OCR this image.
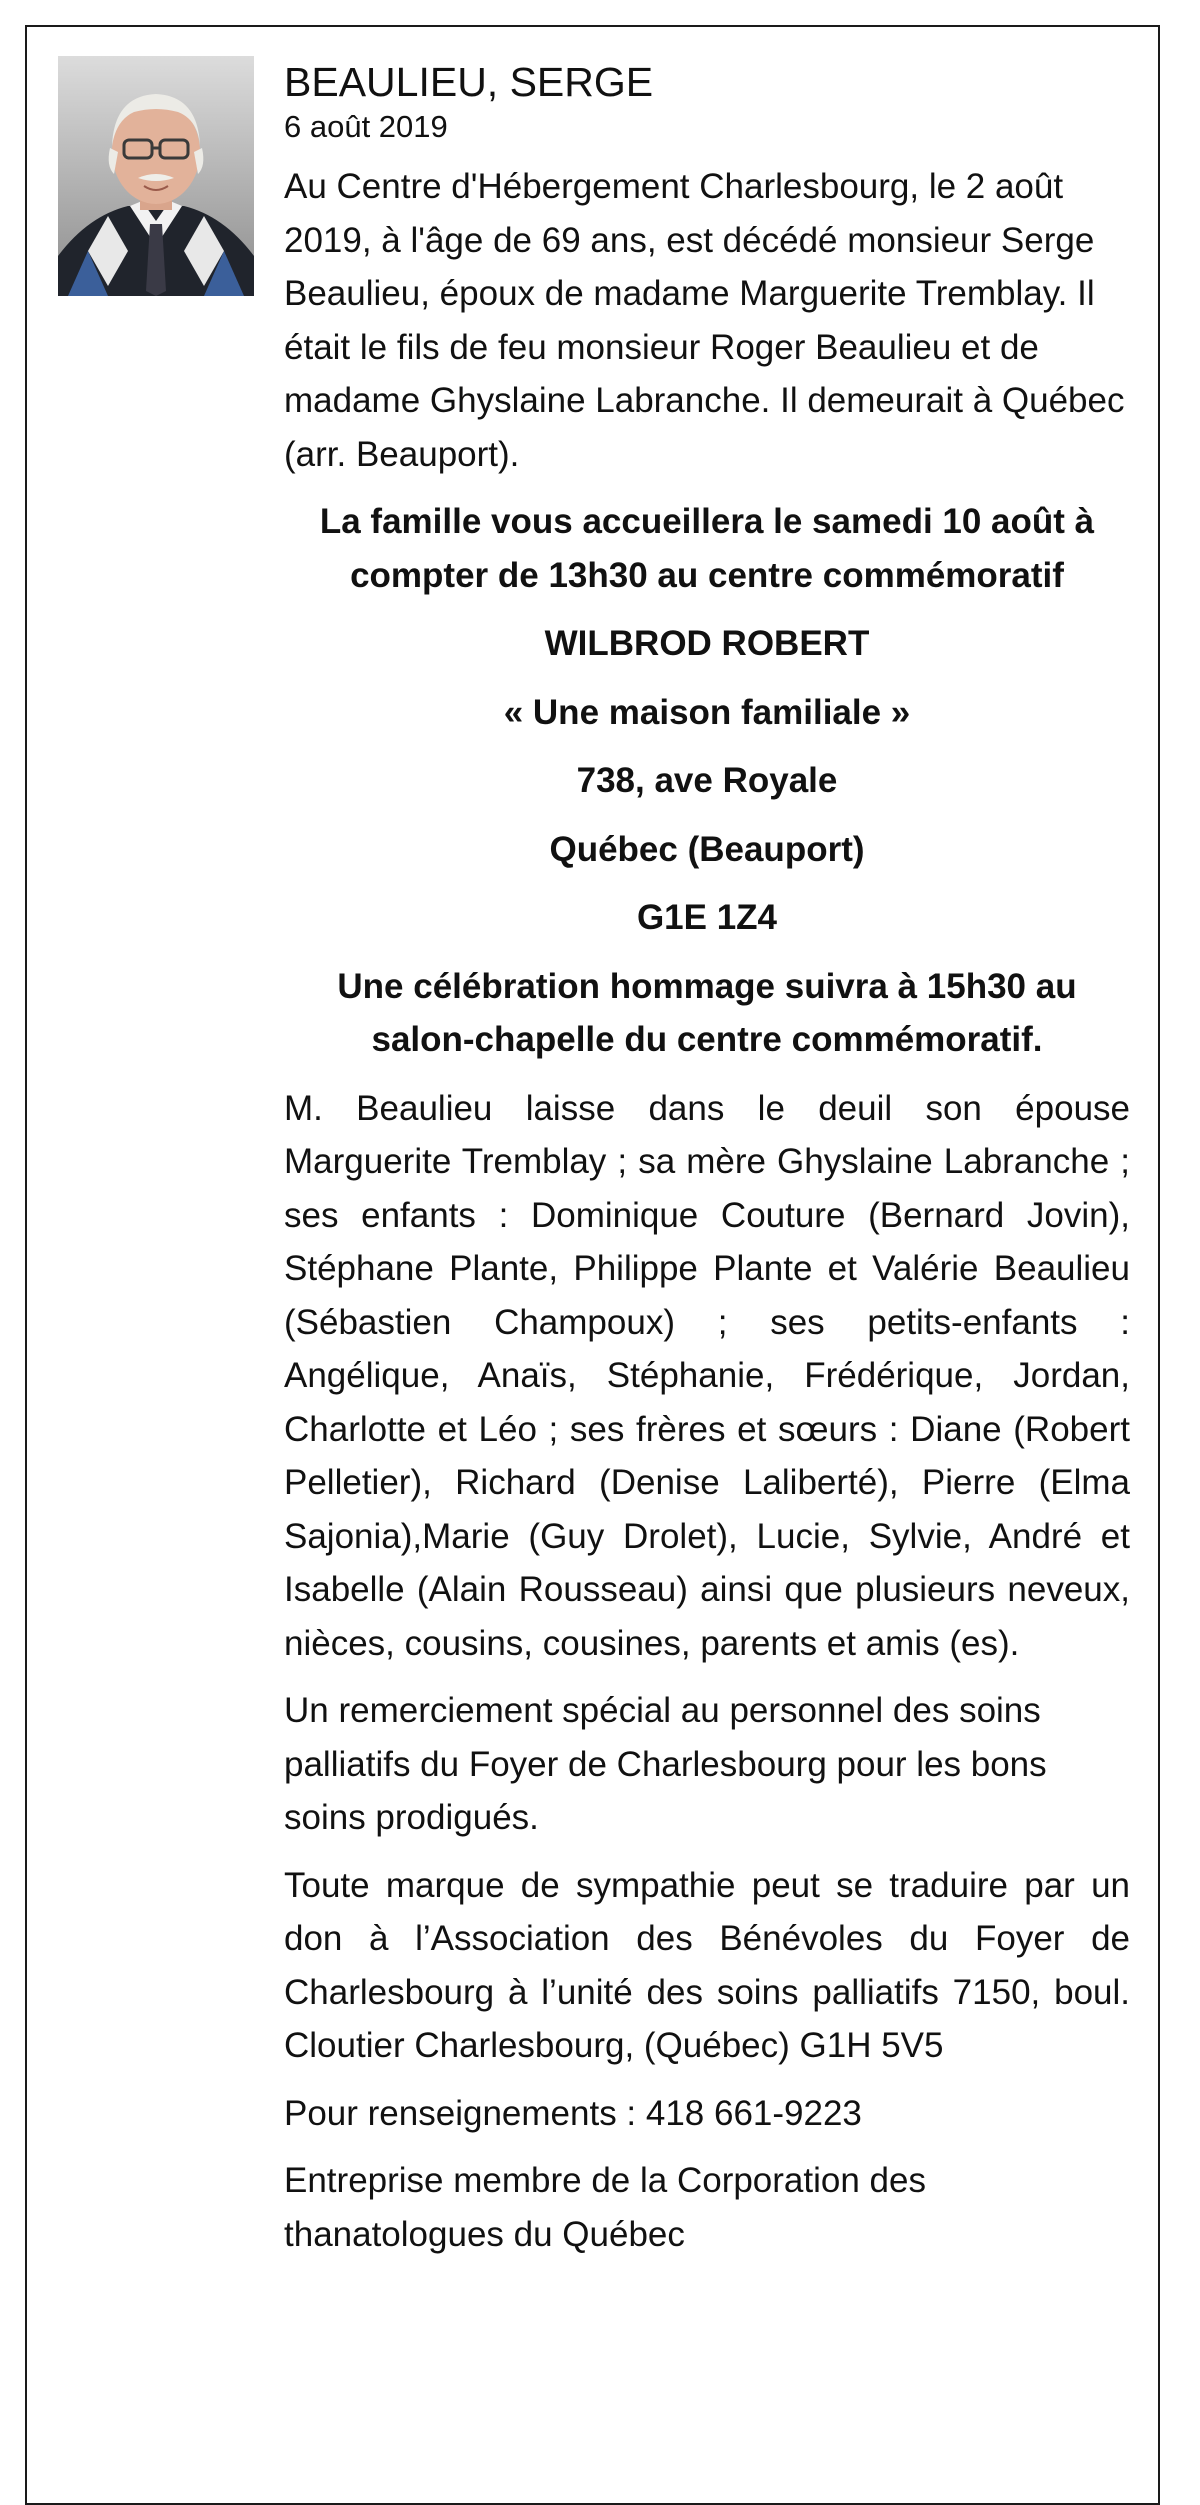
BEAULIEU, SERGE
6 août 2019

Au Centre d'Hébergement Charlesbourg, le 2 août 2019, à l'âge de 69 ans, est décédé monsieur Serge Beaulieu, époux de madame Marguerite Tremblay. Il était le fils de feu monsieur Roger Beaulieu et de madame Ghyslaine Labranche. Il demeurait à Québec (arr. Beauport).

La famille vous accueillera le samedi 10 août à compter de 13h30 au centre commémoratif

WILBROD ROBERT

« Une maison familiale »

738, ave Royale

Québec (Beauport)

G1E 1Z4

Une célébration hommage suivra à 15h30 au salon-chapelle du centre commémoratif.

M. Beaulieu laisse dans le deuil son épouse Marguerite Tremblay ; sa mère Ghyslaine Labranche ; ses enfants : Dominique Couture (Bernard Jovin), Stéphane Plante, Philippe Plante et Valérie Beaulieu (Sébastien Champoux) ; ses petits-enfants : Angélique, Anaïs, Stéphanie, Frédérique, Jordan, Charlotte et Léo ; ses frères et sœurs : Diane (Robert Pelletier), Richard (Denise Laliberté), Pierre (Elma Sajonia),Marie (Guy Drolet), Lucie, Sylvie, André et Isabelle (Alain Rousseau) ainsi que plusieurs neveux, nièces, cousins, cousines, parents et amis (es).

Un remerciement spécial au personnel des soins palliatifs du Foyer de Charlesbourg pour les bons soins prodigués.

Toute marque de sympathie peut se traduire par un don à l’Association des Bénévoles du Foyer de Charlesbourg à l’unité des soins palliatifs 7150, boul. Cloutier Charlesbourg, (Québec) G1H 5V5

Pour renseignements : 418 661-9223

Entreprise membre de la Corporation des thanatologues du Québec
